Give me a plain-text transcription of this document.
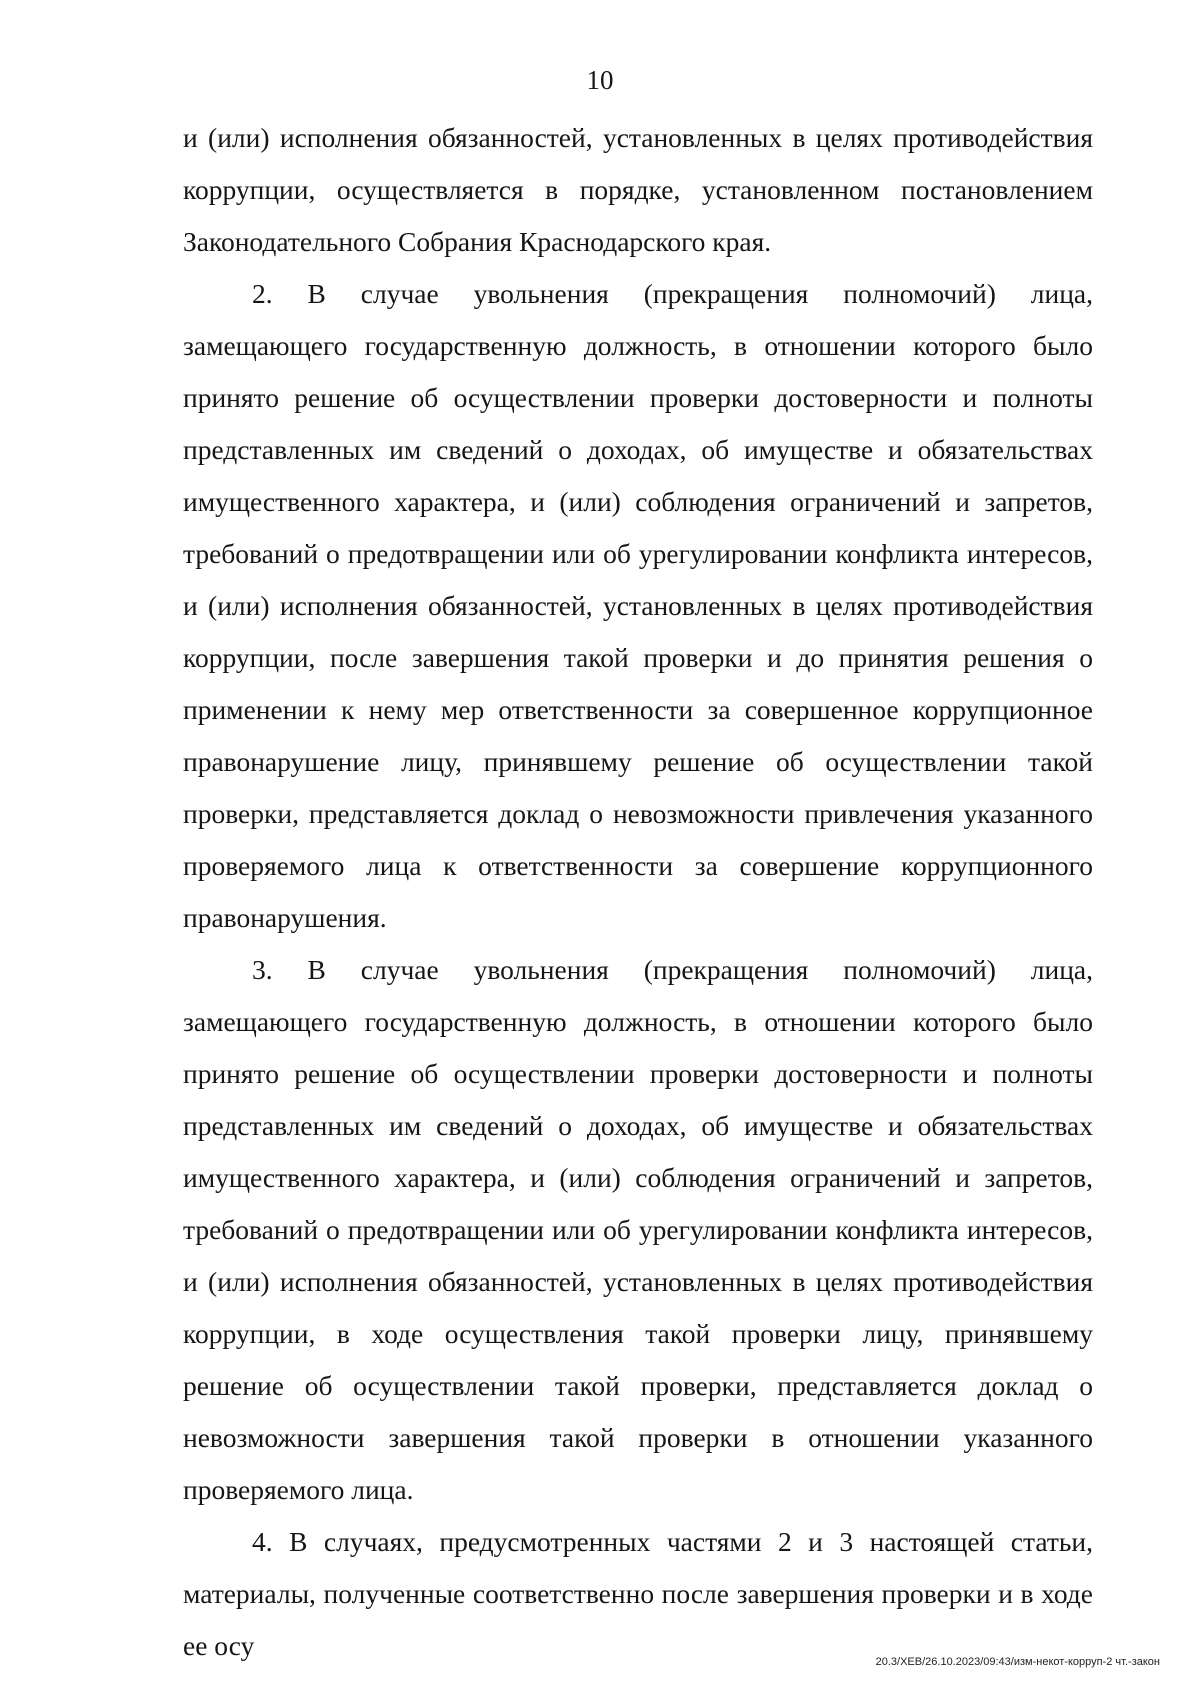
10

и (или) исполнения обязанностей, установленных в целях противодействия коррупции, осуществляется в порядке, установленном постановлением Законодательного Собрания Краснодарского края.

2. В случае увольнения (прекращения полномочий) лица, замещающего государственную должность, в отношении которого было принято решение об осуществлении проверки достоверности и полноты представленных им сведений о доходах, об имуществе и обязательствах имущественного характера, и (или) соблюдения ограничений и запретов, требований о предотвращении или об урегулировании конфликта интересов, и (или) исполнения обязанностей, установленных в целях противодействия коррупции, после завершения такой проверки и до принятия решения о применении к нему мер ответственности за совершенное коррупционное правонарушение лицу, принявшему решение об осуществлении такой проверки, представляется доклад о невозможности привлечения указанного проверяемого лица к ответственности за совершение коррупционного правонарушения.

3. В случае увольнения (прекращения полномочий) лица, замещающего государственную должность, в отношении которого было принято решение об осуществлении проверки достоверности и полноты представленных им сведений о доходах, об имуществе и обязательствах имущественного характера, и (или) соблюдения ограничений и запретов, требований о предотвращении или об урегулировании конфликта интересов, и (или) исполнения обязанностей, установленных в целях противодействия коррупции, в ходе осуществления такой проверки лицу, принявшему решение об осуществлении такой проверки, представляется доклад о невозможности завершения такой проверки в отношении указанного проверяемого лица.

4. В случаях, предусмотренных частями 2 и 3 настоящей статьи, материалы, полученные соответственно после завершения проверки и в ходе ее осу

20.3/ХЕВ/26.10.2023/09:43/изм-некот-корруп-2 чт.-закон
